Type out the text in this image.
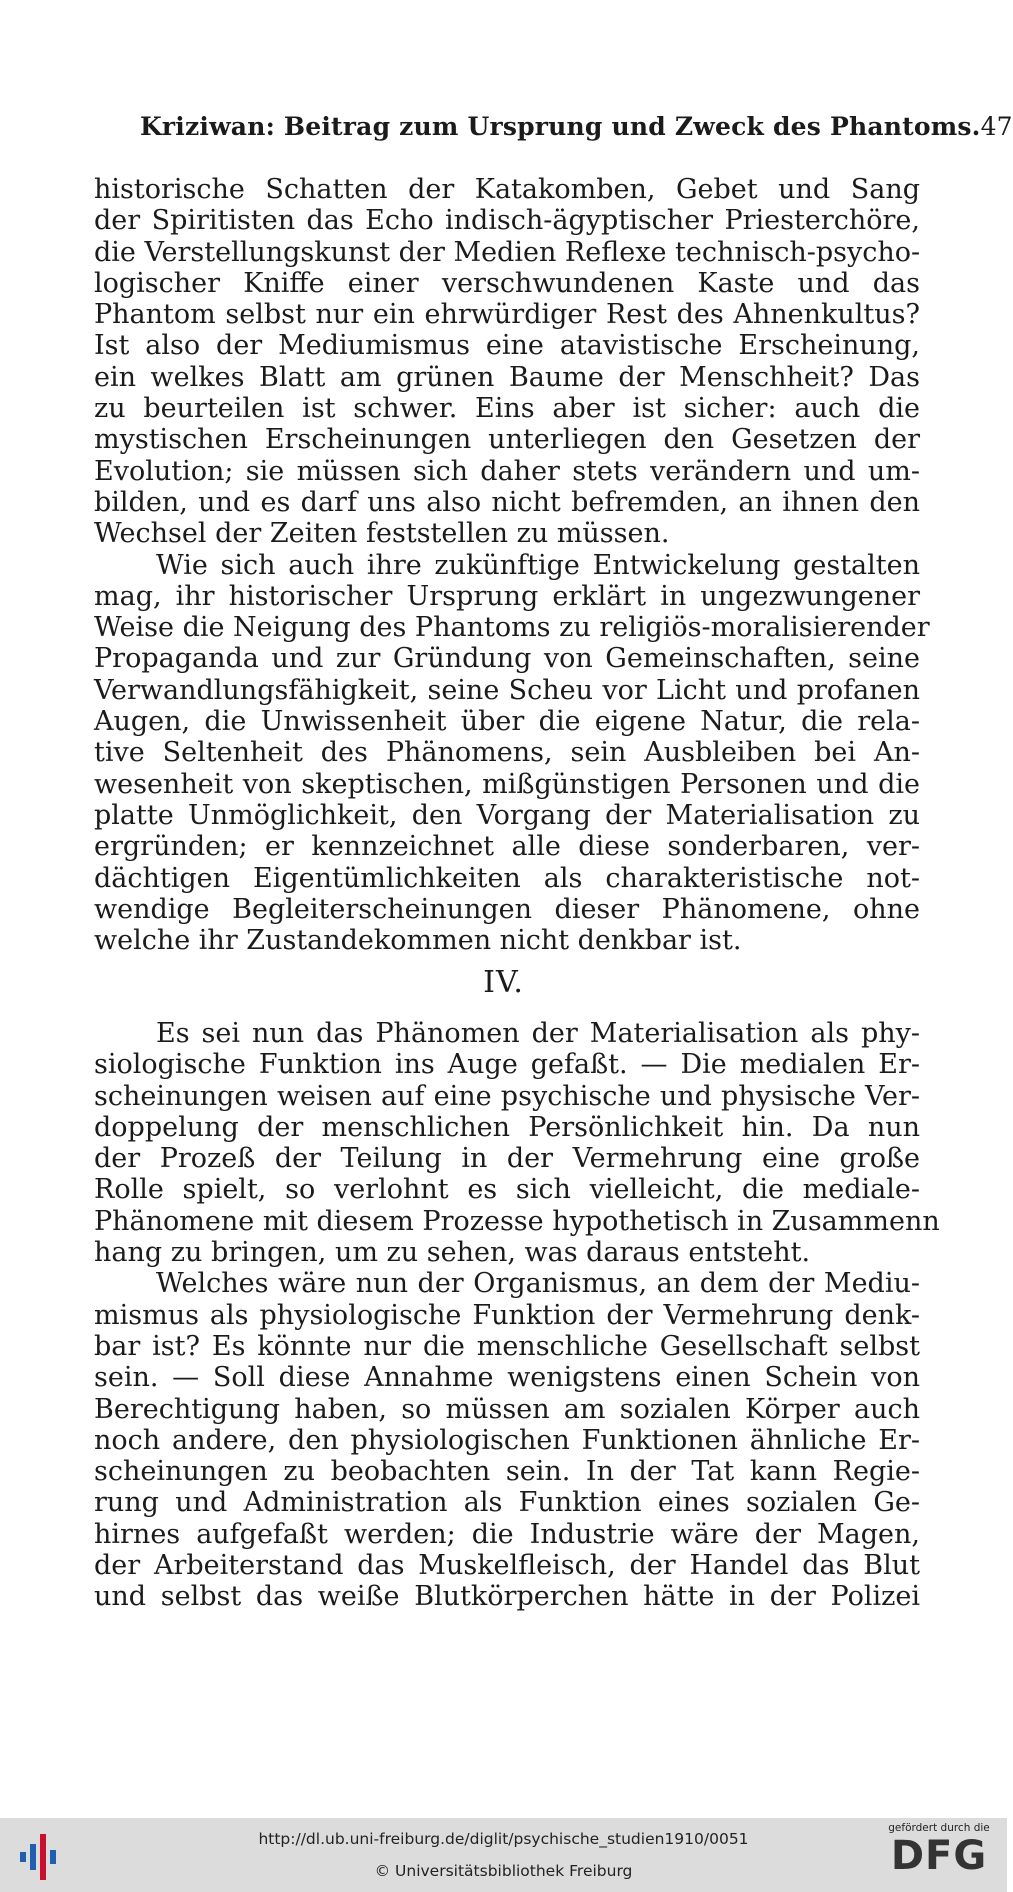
Kriziwan: Beitrag zum Ursprung und Zweck des Phantoms. 47
historische Schatten der Katakomben, Gebet und Sang
der Spiritisten das Echo indisch-ägyptischer Priesterchöre,
die Verstellungskunst der Medien Reflexe technisch-psycho-
logischer Kniffe einer verschwundenen Kaste und das
Phantom selbst nur ein ehrwürdiger Rest des Ahnenkultus?
Ist also der Mediumismus eine atavistische Erscheinung,
ein welkes Blatt am grünen Baume der Menschheit? Das
zu beurteilen ist schwer. Eins aber ist sicher: auch die
mystischen Erscheinungen unterliegen den Gesetzen der
Evolution; sie müssen sich daher stets verändern und um-
bilden, und es darf uns also nicht befremden, an ihnen den
Wechsel der Zeiten feststellen zu müssen.
Wie sich auch ihre zukünftige Entwickelung gestalten
mag, ihr historischer Ursprung erklärt in ungezwungener
Weise die Neigung des Phantoms zu religiös-moralisierender
Propaganda und zur Gründung von Gemeinschaften, seine
Verwandlungsfähigkeit, seine Scheu vor Licht und profanen
Augen, die Unwissenheit über die eigene Natur, die rela-
tive Seltenheit des Phänomens, sein Ausbleiben bei An-
wesenheit von skeptischen, mißgünstigen Personen und die
platte Unmöglichkeit, den Vorgang der Materialisation zu
ergründen; er kennzeichnet alle diese sonderbaren, ver-
dächtigen Eigentümlichkeiten als charakteristische not-
wendige Begleiterscheinungen dieser Phänomene, ohne
welche ihr Zustandekommen nicht denkbar ist.
IV.
Es sei nun das Phänomen der Materialisation als phy-
siologische Funktion ins Auge gefaßt. — Die medialen Er-
scheinungen weisen auf eine psychische und physische Ver-
doppelung der menschlichen Persönlichkeit hin. Da nun
der Prozeß der Teilung in der Vermehrung eine große
Rolle spielt, so verlohnt es sich vielleicht, die mediale-
Phänomene mit diesem Prozesse hypothetisch in Zusammenn
hang zu bringen, um zu sehen, was daraus entsteht.
Welches wäre nun der Organismus, an dem der Mediu-
mismus als physiologische Funktion der Vermehrung denk-
bar ist? Es könnte nur die menschliche Gesellschaft selbst
sein. — Soll diese Annahme wenigstens einen Schein von
Berechtigung haben, so müssen am sozialen Körper auch
noch andere, den physiologischen Funktionen ähnliche Er-
scheinungen zu beobachten sein. In der Tat kann Regie-
rung und Administration als Funktion eines sozialen Ge-
hirnes aufgefaßt werden; die Industrie wäre der Magen,
der Arbeiterstand das Muskelfleisch, der Handel das Blut
und selbst das weiße Blutkörperchen hätte in der Polizei
http://dl.ub.uni-freiburg.de/diglit/psychische_studien1910/0051
© Universitätsbibliothek Freiburg
gefördert durch die
DFG
